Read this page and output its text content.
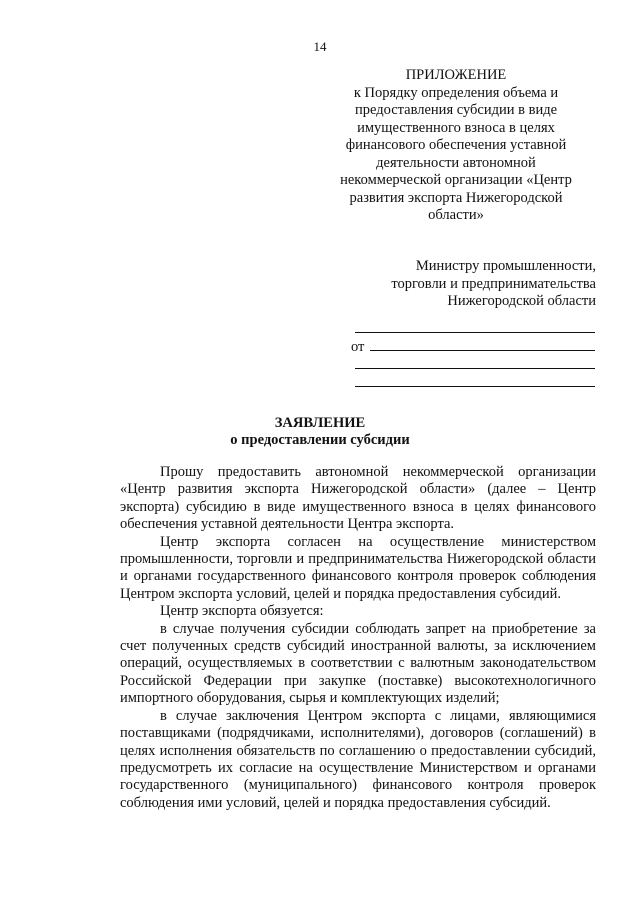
14
ПРИЛОЖЕНИЕ
к Порядку определения объема и
предоставления субсидии в виде
имущественного взноса в целях
финансового обеспечения уставной
деятельности автономной
некоммерческой организации «Центр
развития экспорта Нижегородской
области»
Министру промышленности,
торговли и предпринимательства
Нижегородской области
от
ЗАЯВЛЕНИЕ
о предоставлении субсидии

Прошу предоставить автономной некоммерческой организации «Центр развития экспорта Нижегородской области» (далее – Центр экспорта) субсидию в виде имущественного взноса в целях финансового обеспечения уставной деятельности Центра экспорта.

Центр экспорта согласен на осуществление министерством промышленности, торговли и предпринимательства Нижегородской области и органами государственного финансового контроля проверок соблюдения Центром экспорта условий, целей и порядка предоставления субсидий.

Центр экспорта обязуется:

в случае получения субсидии соблюдать запрет на приобретение за счет полученных средств субсидий иностранной валюты, за исключением операций, осуществляемых в соответствии с валютным законодательством Российской Федерации при закупке (поставке) высокотехнологичного импортного оборудования, сырья и комплектующих изделий;

в случае заключения Центром экспорта с лицами, являющимися поставщиками (подрядчиками, исполнителями), договоров (соглашений) в целях исполнения обязательств по соглашению о предоставлении субсидий, предусмотреть их согласие на осуществление Министерством и органами государственного (муниципального) финансового контроля проверок соблюдения ими условий, целей и порядка предоставления субсидий.
